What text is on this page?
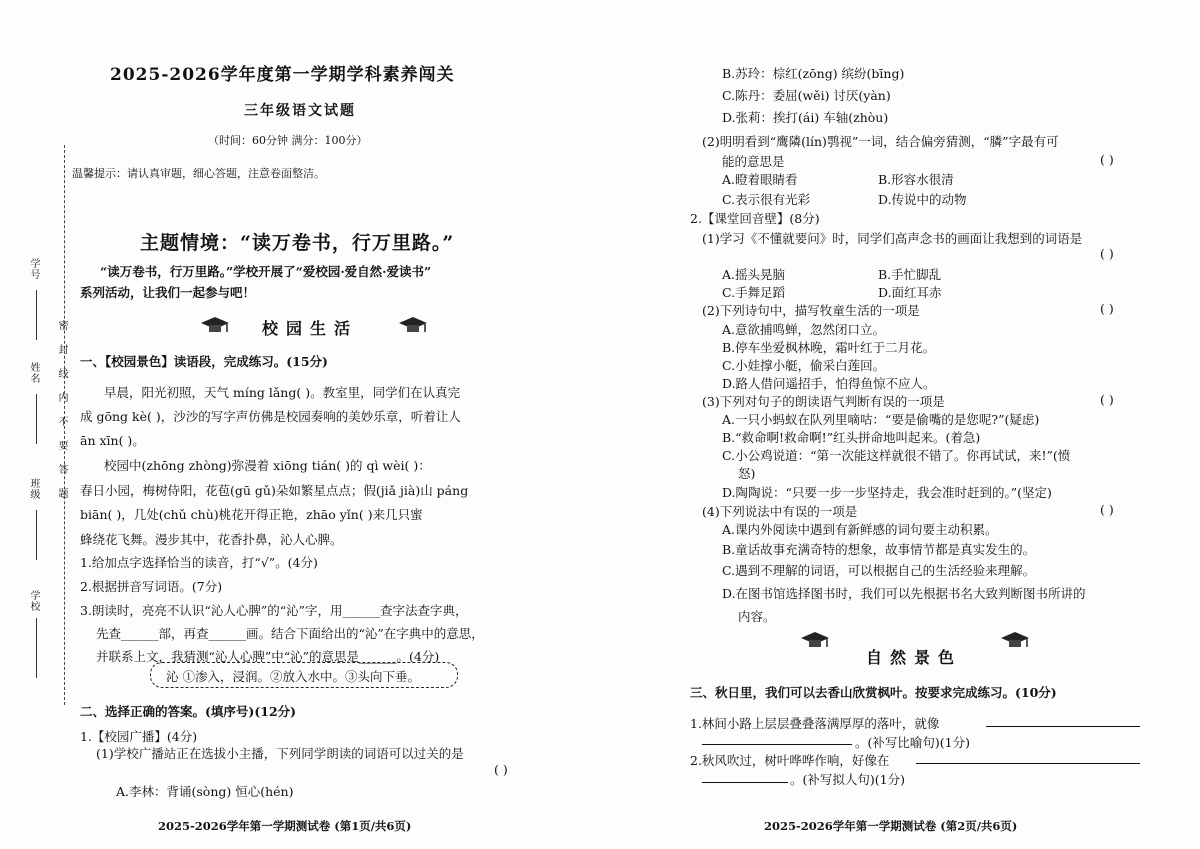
学号
姓名
班级
学校
密封线内不要答题
2025-2026学年度第一学期学科素养闯关
三年级语文试题
（时间：60分钟 满分：100分）
温馨提示：请认真审题，细心答题，注意卷面整洁。
主题情境：“读万卷书，行万里路。”
“读万卷书，行万里路。”学校开展了“爱校园·爱自然·爱读书”
系列活动，让我们一起参与吧！
校园生活
一、【校园景色】读语段，完成练习。(15分)
早晨，阳光初照，天气 míng lǎng( )。教室里，同学们在认真完
成 gōng kè( )，沙沙的写字声仿佛是校园奏响的美妙乐章，听着让人
ān xīn( )。
校园中(zhōng zhòng)弥漫着 xiōng tián( )的 qì wèi( )：
春日小园，梅树侍阳，花苞(gū gǔ)朵如繁星点点；假(jiǎ jià)山 páng
biān( )，几处(chǔ chù)桃花开得正艳，zhāo yǐn( )来几只蜜
蜂绕花飞舞。漫步其中，花香扑鼻，沁人心脾。
1.给加点字选择恰当的读音，打“√”。(4分)
2.根据拼音写词语。(7分)
3.朗读时，亮亮不认识“沁人心脾”的“沁”字，用______查字法查字典，
先查______部，再查______画。结合下面给出的“沁”在字典中的意思，
并联系上文，我猜测“沁人心脾”中“沁”的意思是______。(4分)
沁 ①渗入，浸润。②放入水中。③头向下垂。
二、选择正确的答案。(填序号)(12分)
1.【校园广播】(4分)
(1)学校广播站正在选拔小主播，下列同学朗读的词语可以过关的是
( )
A.李林：背诵(sòng) 恒心(hén)
2025-2026学年第一学期测试卷 (第1页/共6页)
B.苏玲：棕红(zōng) 缤纷(bīng)
C.陈丹：委屈(wěi) 讨厌(yàn)
D.张莉：挨打(ái) 车轴(zhòu)
(2)明明看到“鹰隣(lín)鹗视”一词，结合偏旁猜测，“膦”字最有可
能的意思是	( )
A.瞪着眼睛看	B.形容水很清
C.表示很有光彩	D.传说中的动物
2.【课堂回音壁】(8分)
(1)学习《不懂就要问》时，同学们高声念书的画面让我想到的词语是
( )
A.摇头晃脑	B.手忙脚乱
C.手舞足蹈	D.面红耳赤
(2)下列诗句中，描写牧童生活的一项是	( )
A.意欲捕鸣蝉，忽然闭口立。
B.停车坐爱枫林晚，霜叶红于二月花。
C.小娃撑小艇，偷采白莲回。
D.路人借问遥招手，怕得鱼惊不应人。
(3)下列对句子的朗读语气判断有误的一项是	( )
A.一只小蚂蚁在队列里嘀咕：“要是偷嘴的是您呢?”(疑虑)
B.“救命啊!救命啊!”红头拼命地叫起来。(着急)
C.小公鸡说道：“第一次能这样就很不错了。你再试试，来!”(愤
怒)
D.陶陶说：“只要一步一步坚持走，我会准时赶到的。”(坚定)
(4)下列说法中有误的一项是	( )
A.课内外阅读中遇到有新鲜感的词句要主动积累。
B.童话故事充满奇特的想象，故事情节都是真实发生的。
C.遇到不理解的词语，可以根据自己的生活经验来理解。
D.在图书馆选择图书时，我们可以先根据书名大致判断图书所讲的
内容。
自然景色
三、秋日里，我们可以去香山欣赏枫叶。按要求完成练习。(10分)
1.林间小路上层层叠叠落满厚厚的落叶，就像
。(补写比喻句)(1分)
2.秋风吹过，树叶哗哗作响，好像在
。(补写拟人句)(1分)
2025-2026学年第一学期测试卷 (第2页/共6页)
